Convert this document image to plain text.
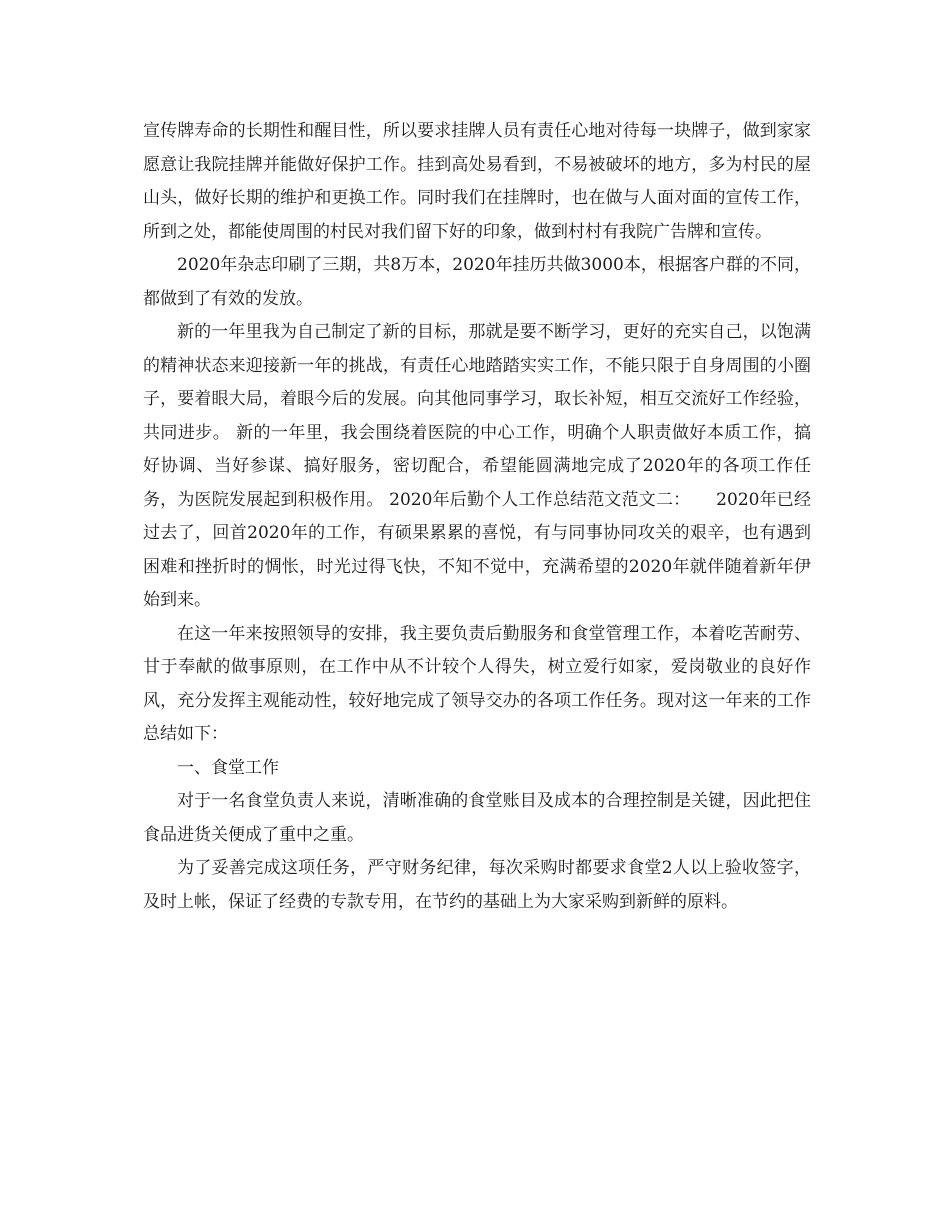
宣传牌寿命的长期性和醒目性，所以要求挂牌人员有责任心地对待每一块牌子，做到家家愿意让我院挂牌并能做好保护工作。挂到高处易看到，不易被破坏的地方，多为村民的屋山头，做好长期的维护和更换工作。同时我们在挂牌时，也在做与人面对面的宣传工作，所到之处，都能使周围的村民对我们留下好的印象，做到村村有我院广告牌和宣传。

2020年杂志印刷了三期，共8万本，2020年挂历共做3000本，根据客户群的不同，都做到了有效的发放。

新的一年里我为自己制定了新的目标，那就是要不断学习，更好的充实自己，以饱满的精神状态来迎接新一年的挑战，有责任心地踏踏实实工作，不能只限于自身周围的小圈子，要着眼大局，着眼今后的发展。向其他同事学习，取长补短，相互交流好工作经验，共同进步。 新的一年里，我会围绕着医院的中心工作，明确个人职责做好本质工作，搞好协调、当好参谋、搞好服务，密切配合，希望能圆满地完成了2020年的各项工作任务，为医院发展起到积极作用。 2020年后勤个人工作总结范文范文二：　　2020年已经过去了，回首2020年的工作，有硕果累累的喜悦，有与同事协同攻关的艰辛，也有遇到困难和挫折时的惆怅，时光过得飞快，不知不觉中，充满希望的2020年就伴随着新年伊始到来。

在这一年来按照领导的安排，我主要负责后勤服务和食堂管理工作，本着吃苦耐劳、甘于奉献的做事原则，在工作中从不计较个人得失，树立爱行如家，爱岗敬业的良好作风，充分发挥主观能动性，较好地完成了领导交办的各项工作任务。现对这一年来的工作总结如下：

一、食堂工作

对于一名食堂负责人来说，清晰准确的食堂账目及成本的合理控制是关键，因此把住食品进货关便成了重中之重。

为了妥善完成这项任务，严守财务纪律，每次采购时都要求食堂2人以上验收签字，及时上帐，保证了经费的专款专用，在节约的基础上为大家采购到新鲜的原料。
